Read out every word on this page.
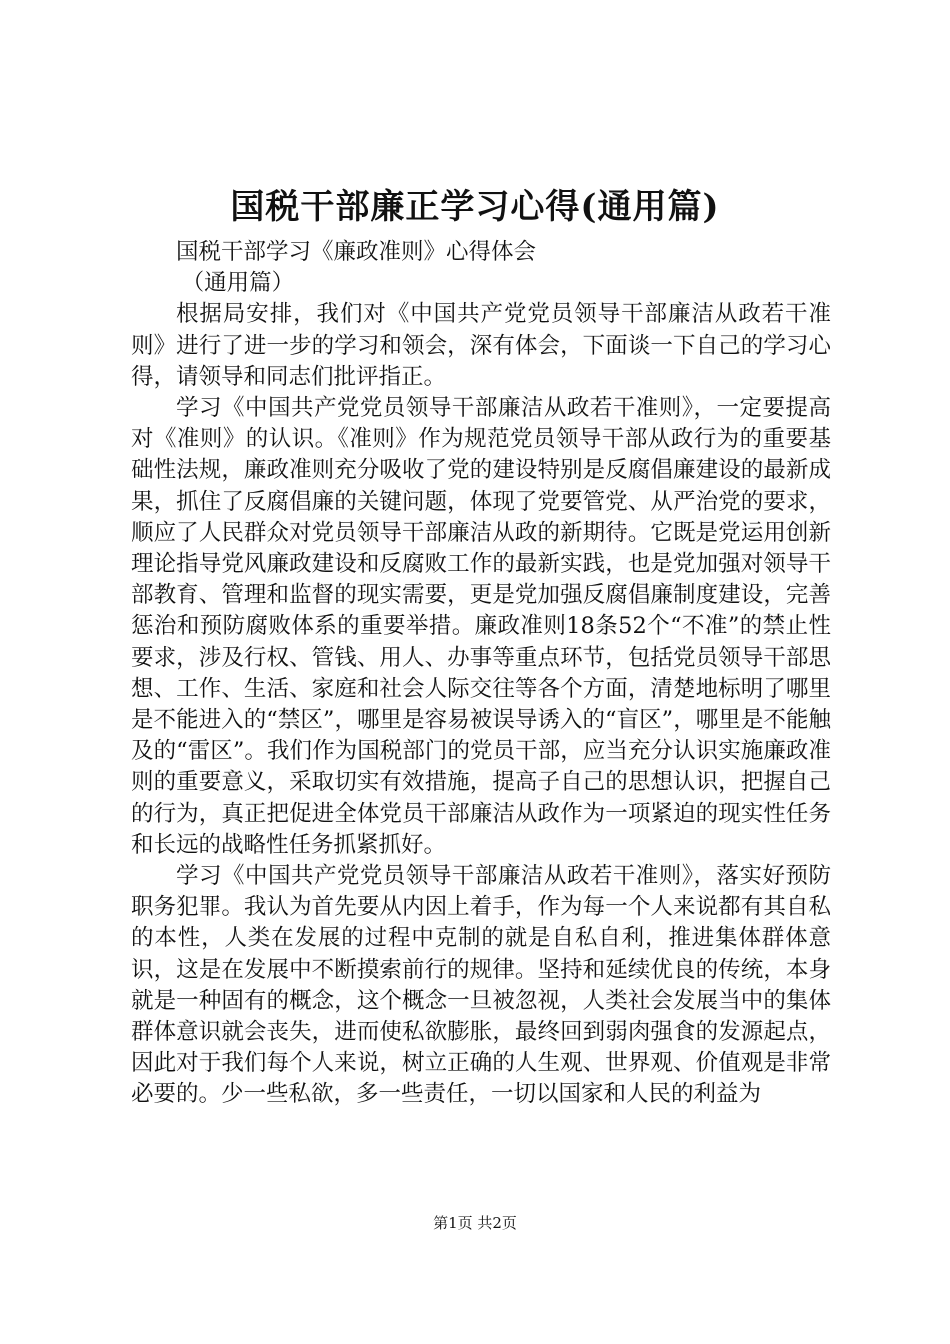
国税干部廉正学习心得(通用篇)

国税干部学习《廉政准则》心得体会

（通用篇）

根据局安排，我们对《中国共产党党员领导干部廉洁从政若干准则》进行了进一步的学习和领会，深有体会，下面谈一下自己的学习心得，请领导和同志们批评指正。

学习《中国共产党党员领导干部廉洁从政若干准则》，一定要提高对《准则》的认识。《准则》作为规范党员领导干部从政行为的重要基础性法规，廉政准则充分吸收了党的建设特别是反腐倡廉建设的最新成果，抓住了反腐倡廉的关键问题，体现了党要管党、从严治党的要求，顺应了人民群众对党员领导干部廉洁从政的新期待。它既是党运用创新理论指导党风廉政建设和反腐败工作的最新实践，也是党加强对领导干部教育、管理和监督的现实需要，更是党加强反腐倡廉制度建设，完善惩治和预防腐败体系的重要举措。廉政准则18条52个“不准”的禁止性要求，涉及行权、管钱、用人、办事等重点环节，包括党员领导干部思想、工作、生活、家庭和社会人际交往等各个方面，清楚地标明了哪里是不能进入的“禁区”，哪里是容易被误导诱入的“盲区”，哪里是不能触及的“雷区”。我们作为国税部门的党员干部，应当充分认识实施廉政准则的重要意义，采取切实有效措施，提高子自己的思想认识，把握自己的行为，真正把促进全体党员干部廉洁从政作为一项紧迫的现实性任务和长远的战略性任务抓紧抓好。

学习《中国共产党党员领导干部廉洁从政若干准则》，落实好预防职务犯罪。我认为首先要从内因上着手，作为每一个人来说都有其自私的本性，人类在发展的过程中克制的就是自私自利，推进集体群体意识，这是在发展中不断摸索前行的规律。坚持和延续优良的传统，本身就是一种固有的概念，这个概念一旦被忽视，人类社会发展当中的集体群体意识就会丧失，进而使私欲膨胀，最终回到弱肉强食的发源起点，因此对于我们每个人来说，树立正确的人生观、世界观、价值观是非常必要的。少一些私欲，多一些责任，一切以国家和人民的利益为

第1页 共2页
